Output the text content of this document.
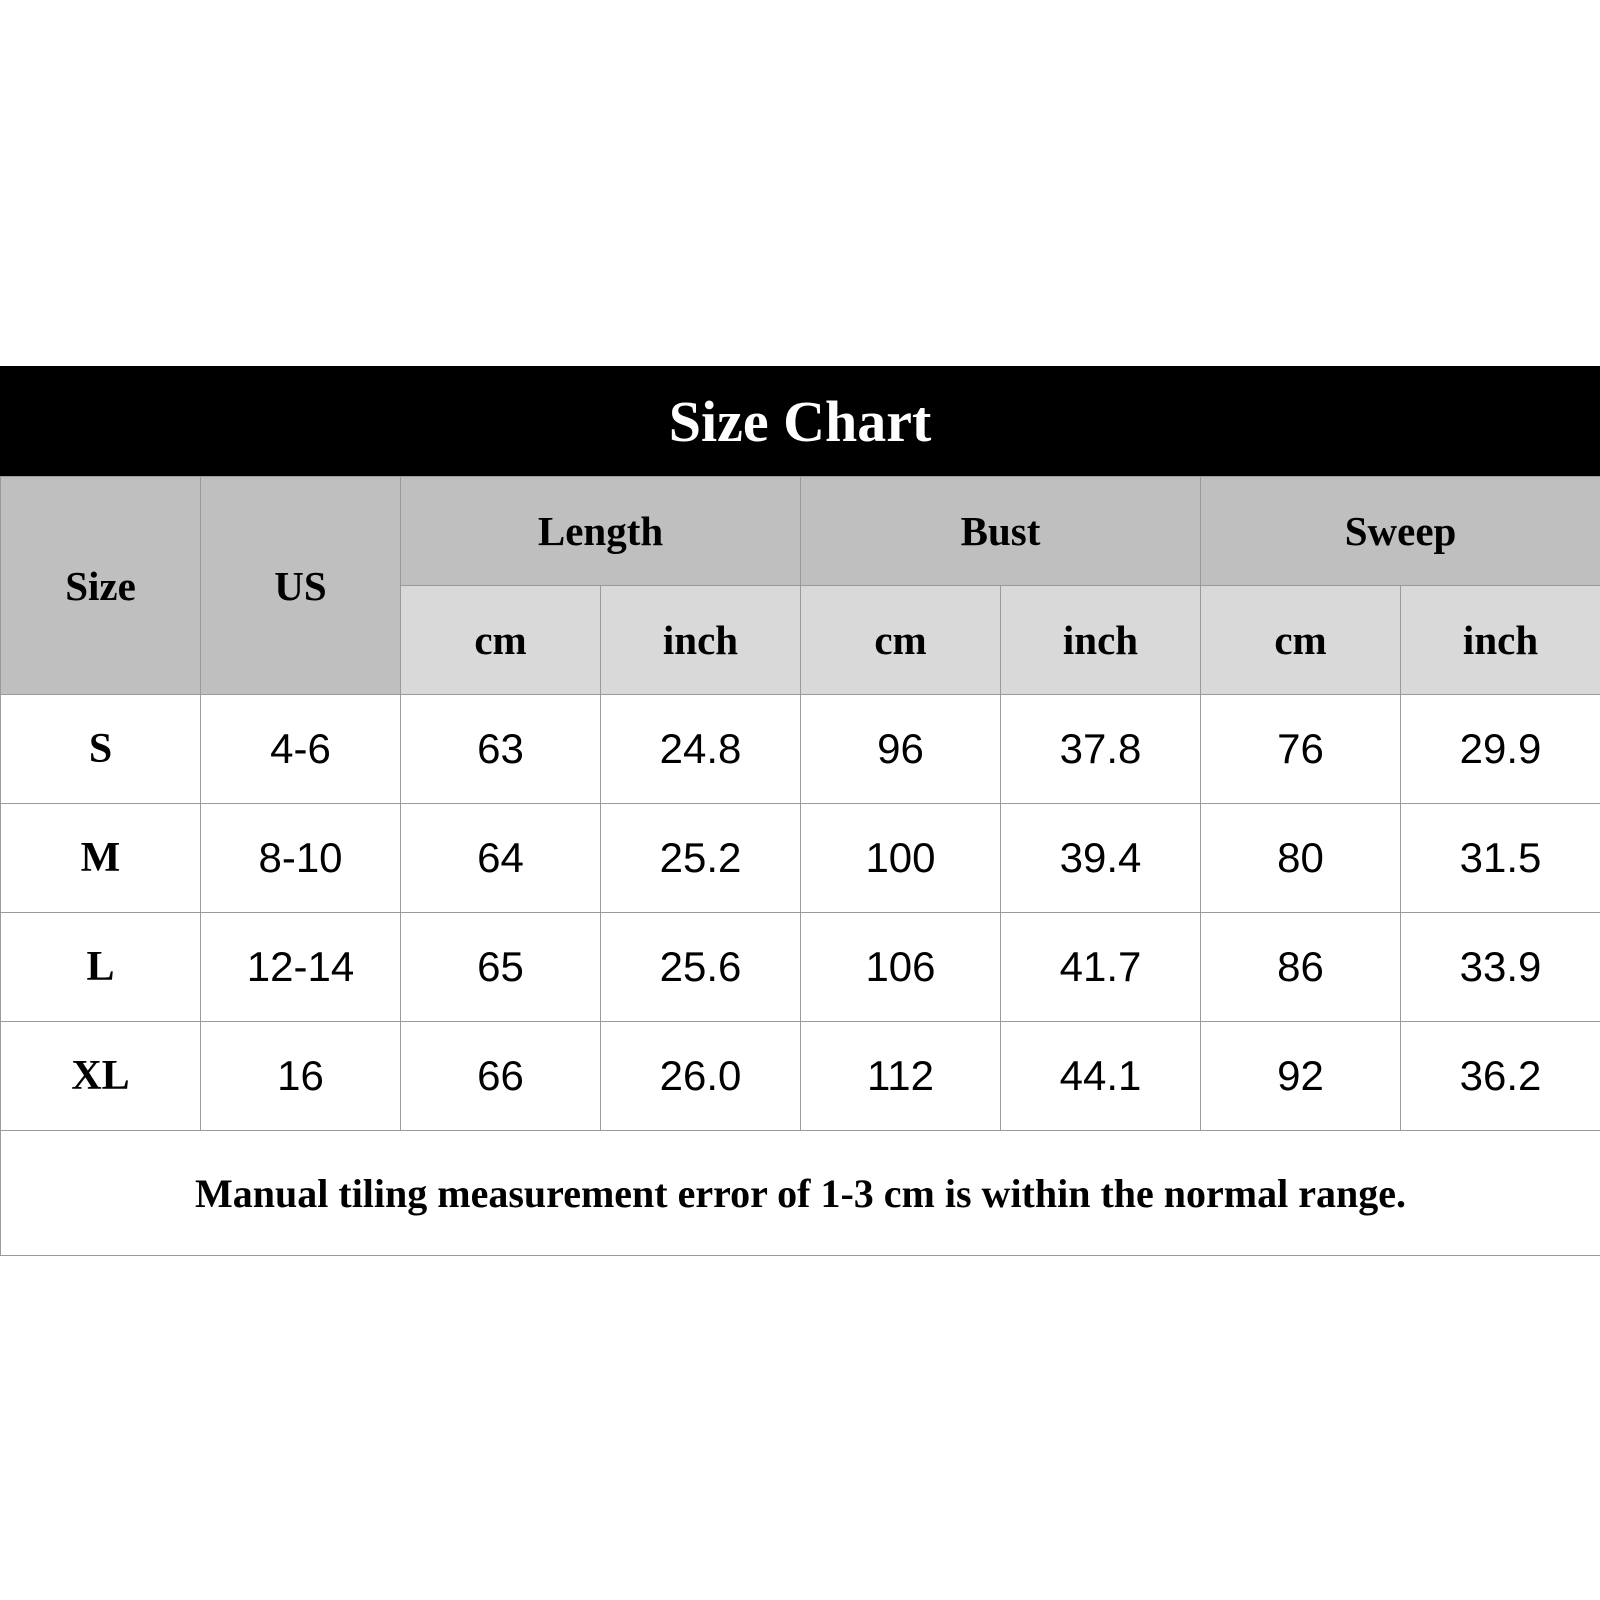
Size Chart
Size	US	Length		Bust		Sweep	
		cm	inch	cm	inch	cm	inch
S	4-6	63	24.8	96	37.8	76	29.9
M	8-10	64	25.2	100	39.4	80	31.5
L	12-14	65	25.6	106	41.7	86	33.9
XL	16	66	26.0	112	44.1	92	36.2
Manual tiling measurement error of 1-3 cm is within the normal range.							
